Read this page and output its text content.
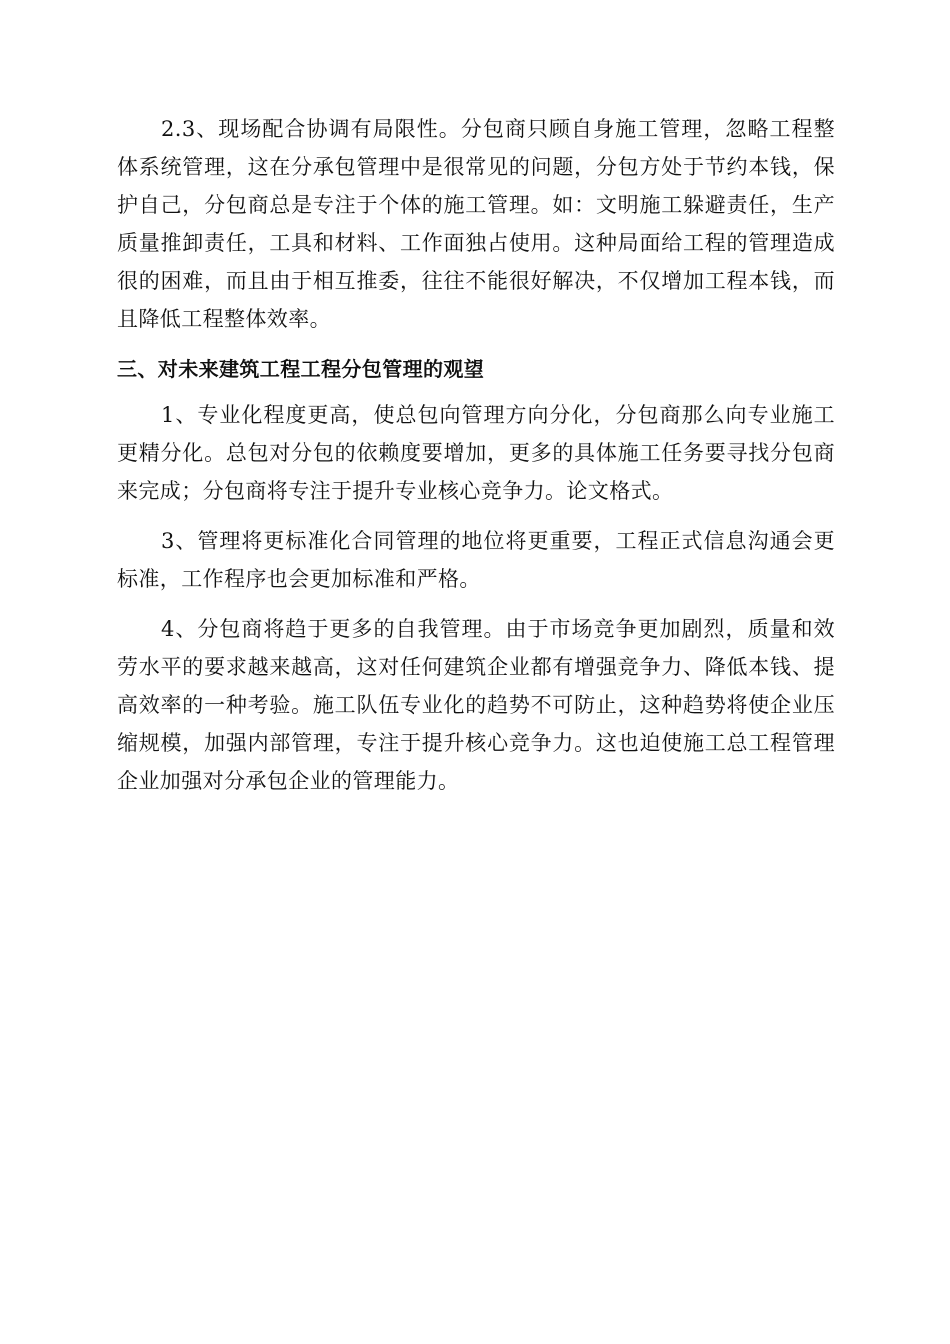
2.3、现场配合协调有局限性。分包商只顾自身施工管理，忽略工程整体系统管理，这在分承包管理中是很常见的问题，分包方处于节约本钱，保护自己，分包商总是专注于个体的施工管理。如：文明施工躲避责任，生产质量推卸责任，工具和材料、工作面独占使用。这种局面给工程的管理造成很的困难，而且由于相互推委，往往不能很好解决，不仅增加工程本钱，而且降低工程整体效率。

三、对未来建筑工程工程分包管理的观望

1、专业化程度更高，使总包向管理方向分化，分包商那么向专业施工更精分化。总包对分包的依赖度要增加，更多的具体施工任务要寻找分包商来完成；分包商将专注于提升专业核心竞争力。论文格式。

3、管理将更标准化合同管理的地位将更重要，工程正式信息沟通会更标准，工作程序也会更加标准和严格。

4、分包商将趋于更多的自我管理。由于市场竞争更加剧烈，质量和效劳水平的要求越来越高，这对任何建筑企业都有增强竞争力、降低本钱、提高效率的一种考验。施工队伍专业化的趋势不可防止，这种趋势将使企业压缩规模，加强内部管理，专注于提升核心竞争力。这也迫使施工总工程管理企业加强对分承包企业的管理能力。
